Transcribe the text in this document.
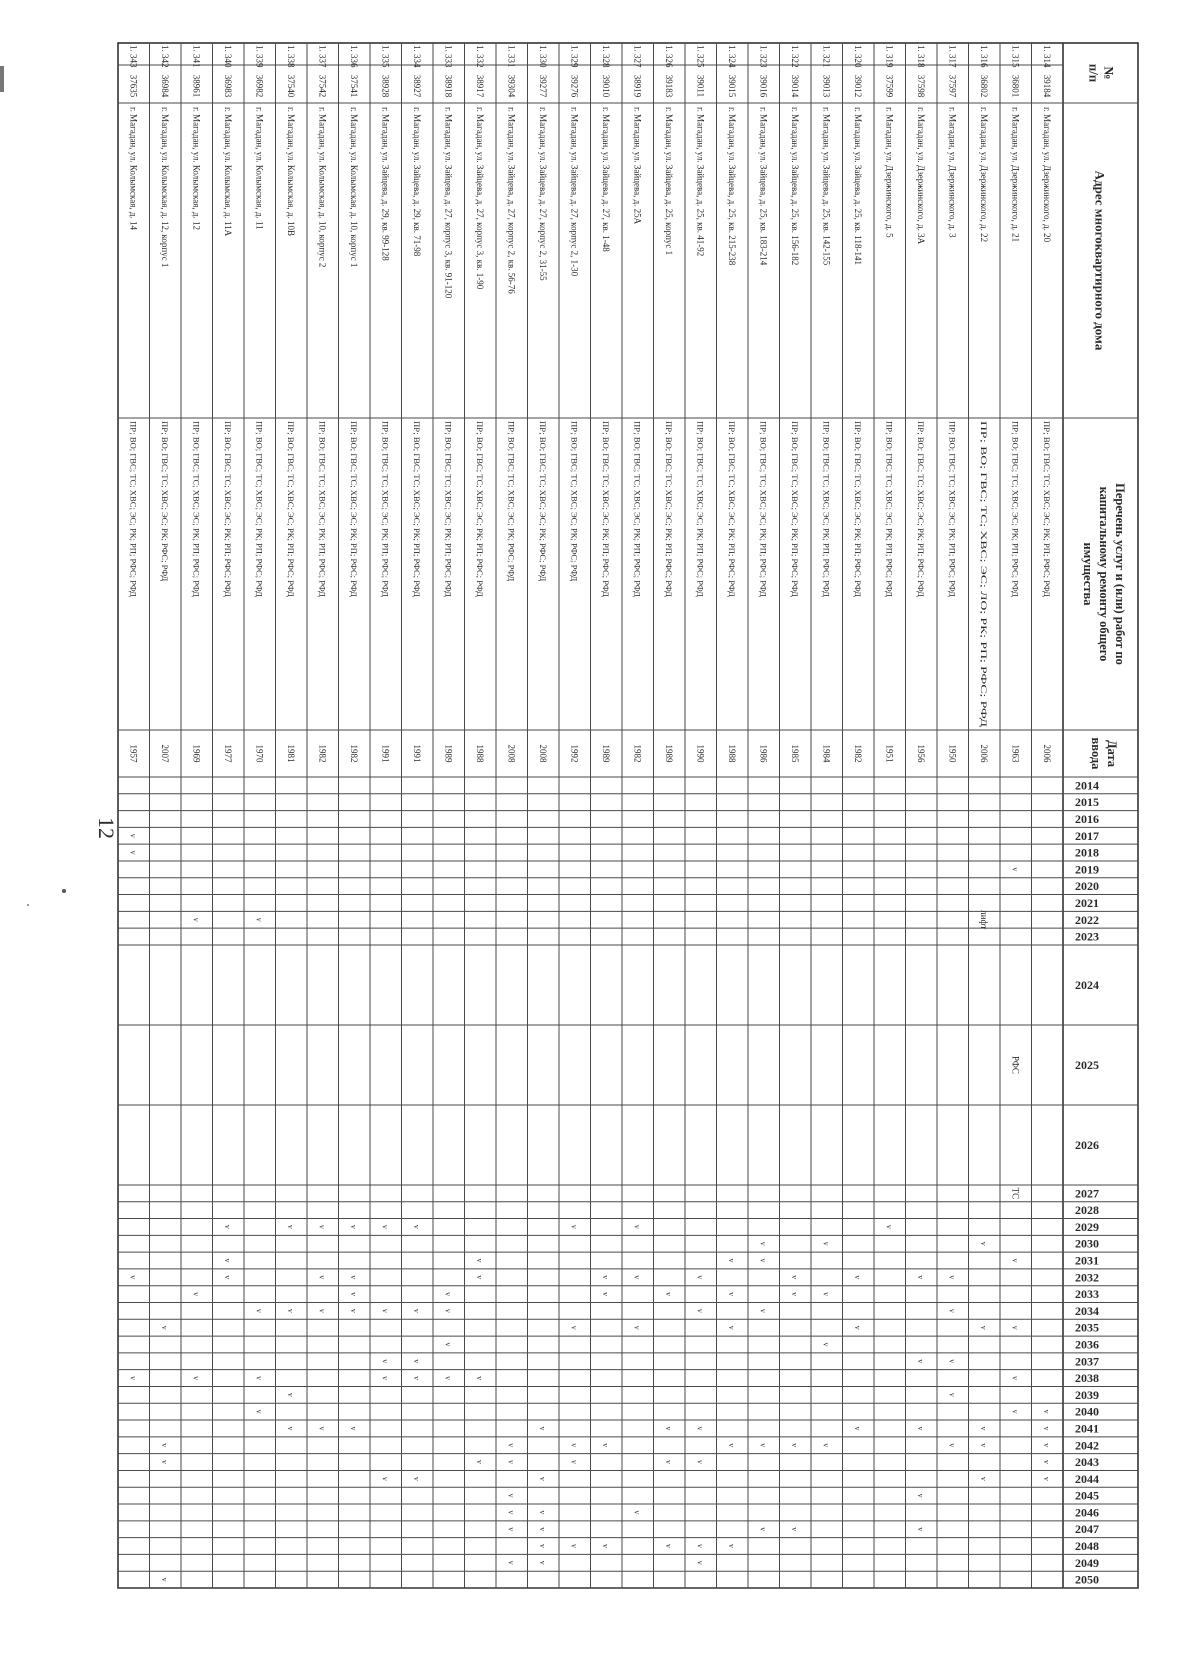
12
№п/п
Адрес многоквартирного дома
Перечень услуг и (или) работ покапитальному ремонту общегоимущества
Датаввода
2014
2015
2016
2017
2018
2019
2020
2021
2022
2023
2024
2025
2026
2027
2028
2029
2030
2031
2032
2033
2034
2035
2036
2037
2038
2039
2040
2041
2042
2043
2044
2045
2046
2047
2048
2049
2050
1. 314
39184
г. Магадан, ул. Дзержинского, д. 20
ПР; ВО; ГВС; ТС; ХВС; ЭС; РК; РП; РФС; РФД
2006
v
v
v
v
v
1. 315
36801
г. Магадан, ул. Дзержинского, д. 21
ПР; ВО; ГВС; ТС; ХВС; ЭС; РК; РП; РФС; РФД
1963
v
РФС
ТС
v
v
v
v
1. 316
36802
г. Магадан, ул. Дзержинского, д. 22
ПР; ВО; ГВС; ТС; ХВС; ЭС; ЛО; РК; РП; РФС; РФД
2006
лифт
v
v
v
v
v
1. 317
37597
г. Магадан, ул. Дзержинского, д. 3
ПР; ВО; ГВС; ТС; ХВС; ЭС; РК; РП; РФС; РФД
1950
v
v
v
v
v
1. 318
37598
г. Магадан, ул. Дзержинского, д. 3А
ПР; ВО; ГВС; ТС; ХВС; ЭС; РК; РП; РФС; РФД
1956
v
v
v
v
v
1. 319
37599
г. Магадан, ул. Дзержинского, д. 5
ПР; ВО; ГВС; ТС; ХВС; ЭС; РК; РП; РФС; РФД
1951
v
1. 320
39012
г. Магадан, ул. Зайцева, д. 25, кв. 118-141
ПР; ВО; ГВС; ТС; ХВС; ЭС; РК; РП; РФС; РФД
1982
v
v
v
1. 321
39013
г. Магадан, ул. Зайцева, д. 25, кв. 142-155
ПР; ВО; ГВС; ТС; ХВС; ЭС; РК; РП; РФС; РФД
1984
v
v
v
v
1. 322
39014
г. Магадан, ул. Зайцева, д. 25, кв. 156-182
ПР; ВО; ГВС; ТС; ХВС; ЭС; РК; РП; РФС; РФД
1985
v
v
v
v
1. 323
39016
г. Магадан, ул. Зайцева, д. 25, кв. 183-214
ПР; ВО; ГВС; ТС; ХВС; ЭС; РК; РП; РФС; РФД
1986
v
v
v
v
v
1. 324
39015
г. Магадан, ул. Зайцева, д. 25, кв. 215-238
ПР; ВО; ГВС; ТС; ХВС; ЭС; РК; РП; РФС; РФД
1988
v
v
v
v
v
1. 325
39011
г. Магадан, ул. Зайцева, д. 25, кв. 41-92
ПР; ВО; ГВС; ТС; ХВС; ЭС; РК; РП; РФС; РФД
1990
v
v
v
v
v
v
1. 326
39183
г. Магадан, ул. Зайцева, д. 25, корпус 1
ПР; ВО; ГВС; ТС; ХВС; ЭС; РК; РП; РФС; РФД
1989
v
v
v
v
1. 327
38919
г. Магадан, ул. Зайцева, д. 25А
ПР; ВО; ГВС; ТС; ХВС; ЭС; РК; РП; РФС; РФД
1982
v
v
v
v
1. 328
39010
г. Магадан, ул. Зайцева, д. 27, кв. 1-48
ПР; ВО; ГВС; ТС; ХВС; ЭС; РК; РП; РФС; РФД
1989
v
v
v
v
1. 329
39276
г. Магадан, ул. Зайцева, д. 27, корпус 2, 1-30
ПР; ВО; ГВС; ТС; ХВС; ЭС; РК; РФС; РФД
1992
v
v
v
v
v
1. 330
39277
г. Магадан, ул. Зайцева, д. 27, корпус 2, 31-55
ПР; ВО; ГВС; ТС; ХВС; ЭС; РК; РФС; РФД
2008
v
v
v
v
v
v
1. 331
39304
г. Магадан, ул. Зайцева, д. 27, корпус 2, кв. 56-76
ПР; ВО; ГВС; ТС; ХВС; ЭС; РК; РФС; РФД
2008
v
v
v
v
v
v
1. 332
38917
г. Магадан, ул. Зайцева, д. 27, корпус 3, кв. 1-90
ПР; ВО; ГВС; ТС; ХВС; ЭС; РК; РП; РФС; РФД
1988
v
v
v
v
1. 333
38918
г. Магадан, ул. Зайцева, д. 27, корпус 3, кв. 91-120
ПР; ВО; ГВС; ТС; ХВС; ЭС; РК; РП; РФС; РФД
1989
v
v
v
v
1. 334
38927
г. Магадан, ул. Зайцева, д. 29, кв. 71-98
ПР; ВО; ГВС; ТС; ХВС; ЭС; РК; РП; РФС; РФД
1991
v
v
v
v
v
1. 335
38928
г. Магадан, ул. Зайцева, д. 29, кв. 99-128
ПР; ВО; ГВС; ТС; ХВС; ЭС; РК; РП; РФС; РФД
1991
v
v
v
v
v
1. 336
37541
г. Магадан, ул. Колымская, д. 10, корпус 1
ПР; ВО; ГВС; ТС; ХВС; ЭС; РК; РП; РФС; РФД
1982
v
v
v
v
v
1. 337
37542
г. Магадан, ул. Колымская, д. 10, корпус 2
ПР; ВО; ГВС; ТС; ХВС; ЭС; РК; РП; РФС; РФД
1982
v
v
v
v
1. 338
37540
г. Магадан, ул. Колымская, д. 10В
ПР; ВО; ГВС; ТС; ХВС; ЭС; РК; РП; РФС; РФД
1981
v
v
v
v
1. 339
36982
г. Магадан, ул. Колымская, д. 11
ПР; ВО; ГВС; ТС; ХВС; ЭС; РК; РП; РФС; РФД
1970
v
v
v
v
1. 340
36983
г. Магадан, ул. Колымская, д. 11А
ПР; ВО; ГВС; ТС; ХВС; ЭС; РК; РП; РФС; РФД
1977
v
v
v
1. 341
38961
г. Магадан, ул. Колымская, д. 12
ПР; ВО; ГВС; ТС; ХВС; ЭС; РК; РП; РФС; РФД
1969
v
v
v
1. 342
36984
г. Магадан, ул. Колымская, д. 12, корпус 1
ПР; ВО; ГВС; ТС; ХВС; ЭС; РК; РФС; РФД
2007
v
v
v
v
1. 343
37635
г. Магадан, ул. Колымская, д. 14
ПР; ВО; ГВС; ТС; ХВС; ЭС; РК; РП; РФС; РФД
1957
v
v
v
v
